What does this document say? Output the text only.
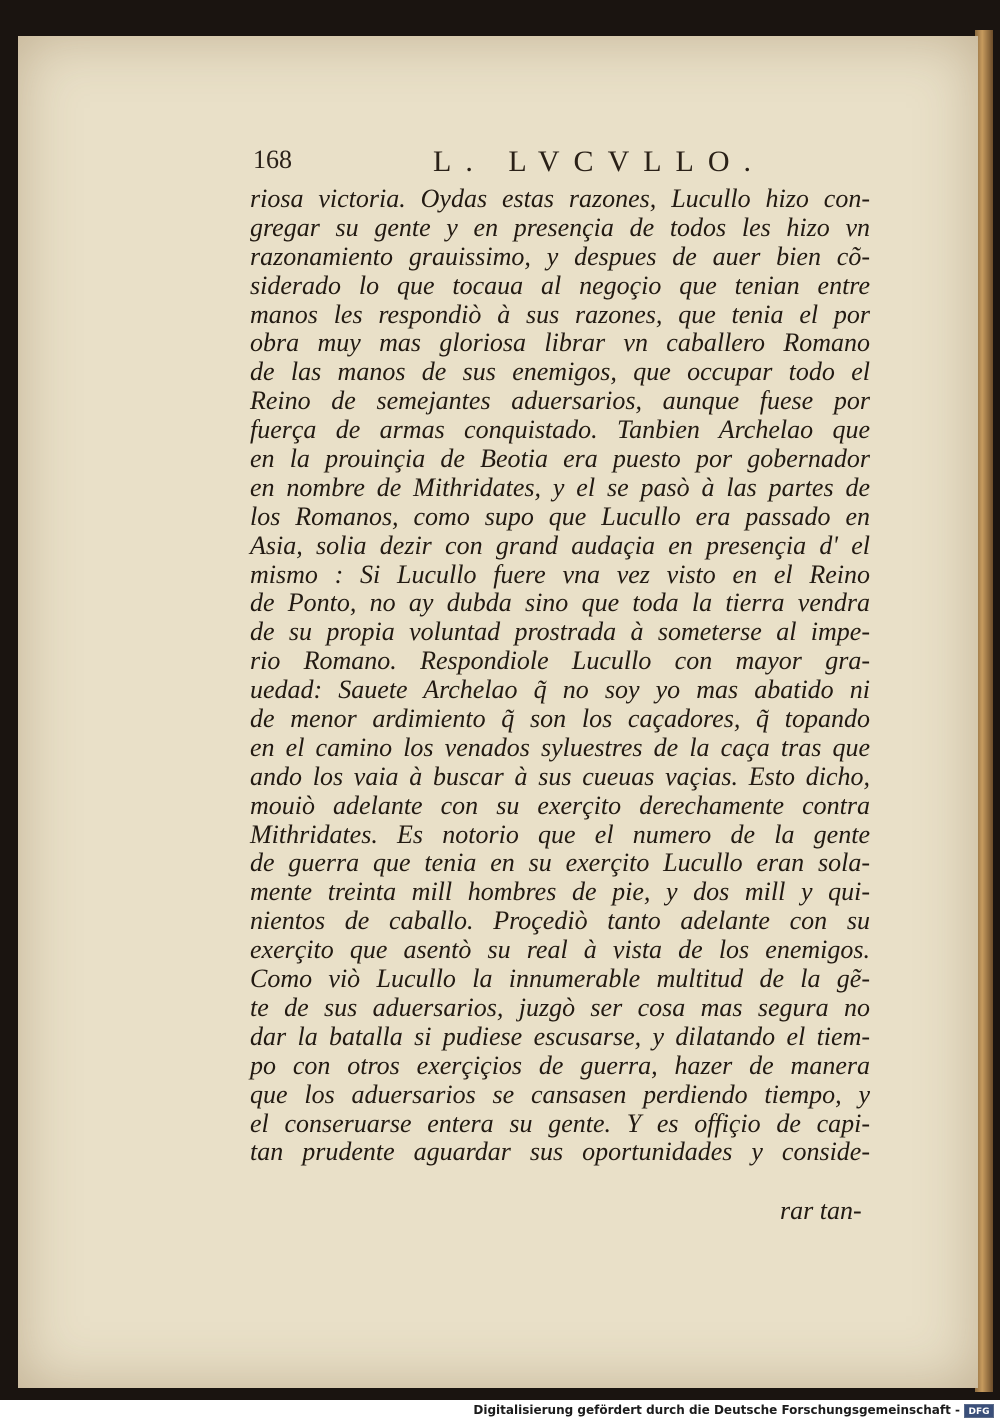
168	L. LVCVLLO.
riosa victoria. Oydas estas razones, Lucullo hizo con-
gregar su gente y en presençia de todos les hizo vn
razonamiento grauissimo, y despues de auer bien cõ-
siderado lo que tocaua al negoçio que tenian entre
manos les respondiò à sus razones, que tenia el por
obra muy mas gloriosa librar vn caballero Romano
de las manos de sus enemigos, que occupar todo el
Reino de semejantes aduersarios, aunque fuese por
fuerça de armas conquistado. Tanbien Archelao que
en la prouinçia de Beotia era puesto por gobernador
en nombre de Mithridates, y el se pasò à las partes de
los Romanos, como supo que Lucullo era passado en
Asia, solia dezir con grand audaçia en presençia d' el
mismo : Si Lucullo fuere vna vez visto en el Reino
de Ponto, no ay dubda sino que toda la tierra vendra
de su propia voluntad prostrada à someterse al impe-
rio Romano. Respondiole Lucullo con mayor gra-
uedad: Sauete Archelao q̃ no soy yo mas abatido ni
de menor ardimiento q̃ son los caçadores, q̃ topando
en el camino los venados syluestres de la caça tras que
ando los vaia à buscar à sus cueuas vaçias. Esto dicho,
mouiò adelante con su exerçito derechamente contra
Mithridates. Es notorio que el numero de la gente
de guerra que tenia en su exerçito Lucullo eran sola-
mente treinta mill hombres de pie, y dos mill y qui-
nientos de caballo. Proçediò tanto adelante con su
exerçito que asentò su real à vista de los enemigos.
Como viò Lucullo la innumerable multitud de la gẽ-
te de sus aduersarios, juzgò ser cosa mas segura no
dar la batalla si pudiese escusarse, y dilatando el tiem-
po con otros exerçiçios de guerra, hazer de manera
que los aduersarios se cansasen perdiendo tiempo, y
el conseruarse entera su gente. Y es offiçio de capi-
tan prudente aguardar sus oportunidades y conside-
rar tan-
Digitalisierung gefördert durch die Deutsche Forschungsgemeinschaft - DFG
